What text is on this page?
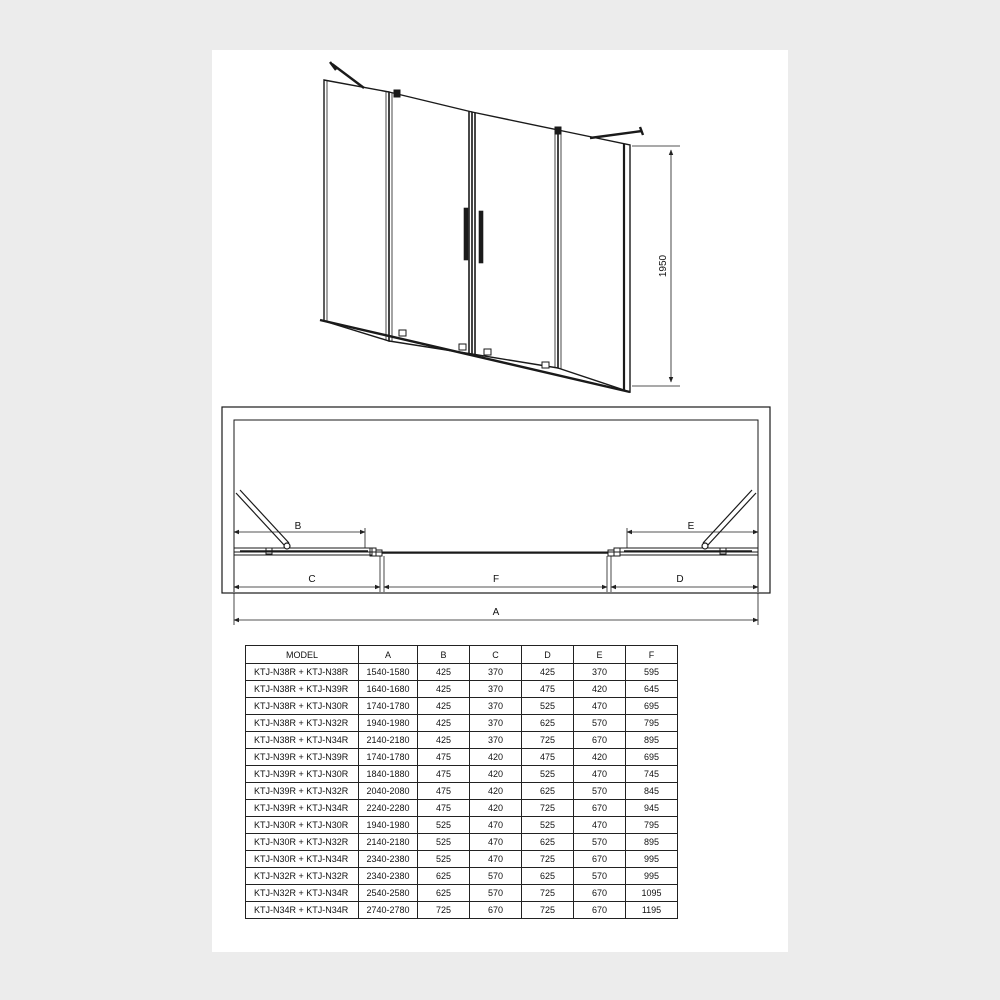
1950
B	E
C	F	D
A
MODEL	A	B	C	D	E	F
KTJ-N38R + KTJ-N38R	1540-1580	425	370	425	370	595
KTJ-N38R + KTJ-N39R	1640-1680	425	370	475	420	645
KTJ-N38R + KTJ-N30R	1740-1780	425	370	525	470	695
KTJ-N38R + KTJ-N32R	1940-1980	425	370	625	570	795
KTJ-N38R + KTJ-N34R	2140-2180	425	370	725	670	895
KTJ-N39R + KTJ-N39R	1740-1780	475	420	475	420	695
KTJ-N39R + KTJ-N30R	1840-1880	475	420	525	470	745
KTJ-N39R + KTJ-N32R	2040-2080	475	420	625	570	845
KTJ-N39R + KTJ-N34R	2240-2280	475	420	725	670	945
KTJ-N30R + KTJ-N30R	1940-1980	525	470	525	470	795
KTJ-N30R + KTJ-N32R	2140-2180	525	470	625	570	895
KTJ-N30R + KTJ-N34R	2340-2380	525	470	725	670	995
KTJ-N32R + KTJ-N32R	2340-2380	625	570	625	570	995
KTJ-N32R + KTJ-N34R	2540-2580	625	570	725	670	1095
KTJ-N34R + KTJ-N34R	2740-2780	725	670	725	670	1195
